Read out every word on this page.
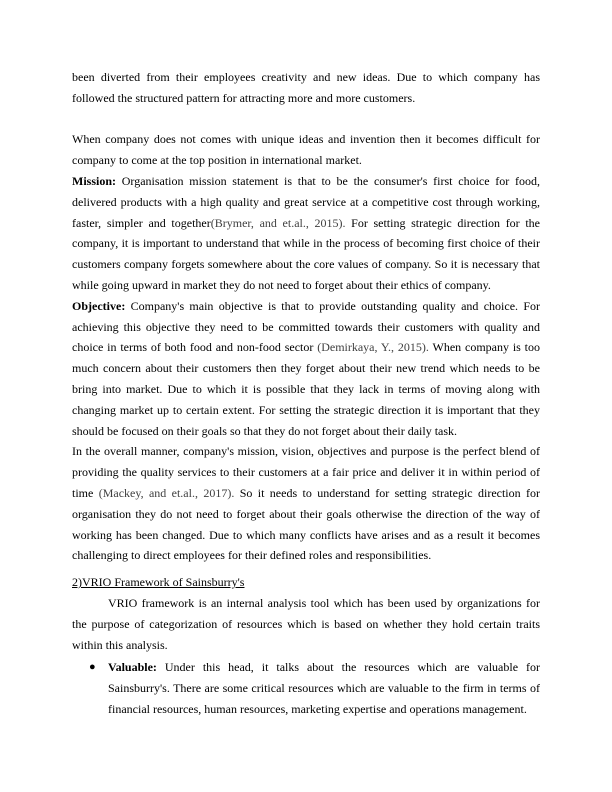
been diverted from their employees creativity and new ideas. Due to which company has followed the structured pattern for attracting more and more customers.

When company does not comes with unique ideas and invention then it becomes difficult for company to come at the top position in international market.

Mission: Organisation mission statement is that to be the consumer's first choice for food, delivered products with a high quality and great service at a competitive cost through working, faster, simpler and together(Brymer, and et.al., 2015). For setting strategic direction for the company, it is important to understand that while in the process of becoming first choice of their customers company forgets somewhere about the core values of company. So it is necessary that while going upward in market they do not need to forget about their ethics of company.

Objective: Company's main objective is that to provide outstanding quality and choice. For achieving this objective they need to be committed towards their customers with quality and choice in terms of both food and non-food sector (Demirkaya, Y., 2015). When company is too much concern about their customers then they forget about their new trend which needs to be bring into market. Due to which it is possible that they lack in terms of moving along with changing market up to certain extent. For setting the strategic direction it is important that they should be focused on their goals so that they do not forget about their daily task.

In the overall manner, company's mission, vision, objectives and purpose is the perfect blend of providing the quality services to their customers at a fair price and deliver it in within period of time (Mackey, and et.al., 2017). So it needs to understand for setting strategic direction for organisation they do not need to forget about their goals otherwise the direction of the way of working has been changed. Due to which many conflicts have arises and as a result it becomes challenging to direct employees for their defined roles and responsibilities.

2)VRIO Framework of Sainsburry's

VRIO framework is an internal analysis tool which has been used by organizations for the purpose of categorization of resources which is based on whether they hold certain traits within this analysis.

● Valuable: Under this head, it talks about the resources which are valuable for Sainsburry's. There are some critical resources which are valuable to the firm in terms of financial resources, human resources, marketing expertise and operations management.
